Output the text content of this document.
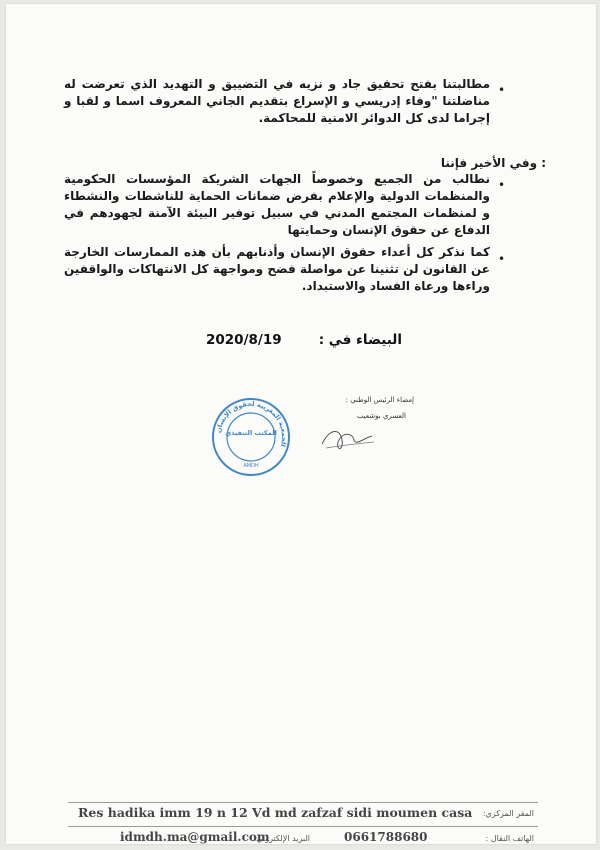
•
مطالبتنا بفتح تحقيق جاد و نزيه في التضييق و التهديد الذي تعرضت له مناضلتنا "وفاء إدريسي و الإسراع بتقديم الجاني المعروف اسما و لقبا و إجراما لدى كل الدوائر الامنية للمحاكمة.
: وفي الأخير فإننا
•
نطالب من الجميع وخصوصاً الجهات الشريكة المؤسسات الحكومية والمنظمات الدولية والإعلام بفرض ضمانات الحماية للناشطات والنشطاء و لمنظمات المجتمع المدني في سبيل توفير البيئة الآمنة لجهودهم في الدفاع عن حقوق الإنسان وحمايتها
•
كما نذكر كل أعداء حقوق الإنسان وأذنابهم بأن هذه الممارسات الخارجة عن القانون لن تثنينا عن مواصلة فضح ومواجهة كل الانتهاكات والواقفين وراءها ورعاة الفساد والاستبداد.
البيضاء في :
2020/8/19
إمضاء الرئيس الوطني :
العسري بوشعيب
الجمعية المغربية لحقوق الإنسان
المكتب التنفيذي
AMDH
Res hadika imm 19 n 12 Vd md zafzaf sidi moumen casa المقر المركزي:
idmdh.ma@gmail.com
البريد الإلكتروني:	0661788680	الهاتف النقال :
